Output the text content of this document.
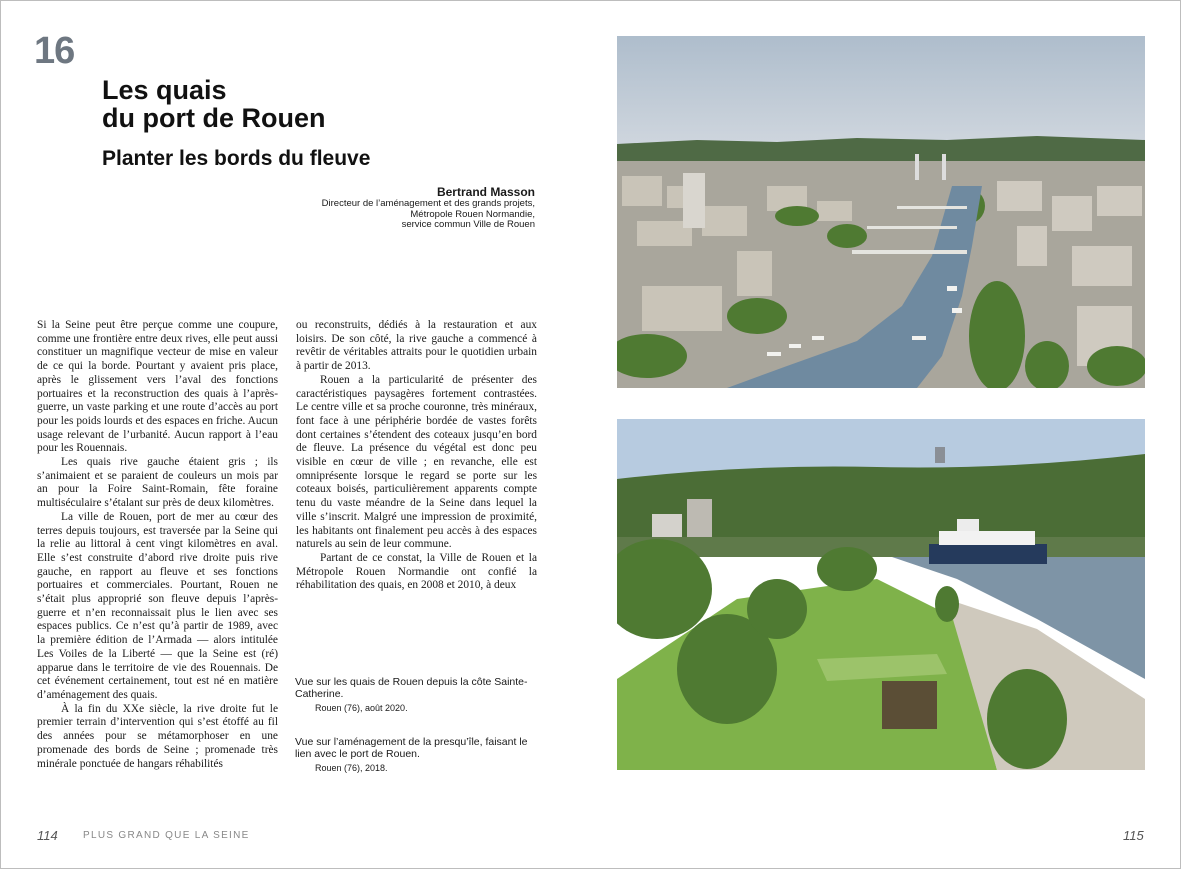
16
Les quais
du port de Rouen
Planter les bords du fleuve
Bertrand Masson
Directeur de l’aménagement et des grands projets,
Métropole Rouen Normandie,
service commun Ville de Rouen

Si la Seine peut être perçue comme une coupure, comme une frontière entre deux rives, elle peut aussi constituer un magnifique vecteur de mise en valeur de ce qui la borde. Pourtant y avaient pris place, après le glissement vers l’aval des fonctions portuaires et la reconstruction des quais à l’après-guerre, un vaste parking et une route d’accès au port pour les poids lourds et des espaces en friche. Aucun usage relevant de l’urbanité. Aucun rapport à l’eau pour les Rouennais.

Les quais rive gauche étaient gris ; ils s’animaient et se paraient de couleurs un mois par an pour la Foire Saint-Romain, fête foraine multiséculaire s’étalant sur près de deux kilomètres.

La ville de Rouen, port de mer au cœur des terres depuis toujours, est traversée par la Seine qui la relie au littoral à cent vingt kilomètres en aval. Elle s’est construite d’abord rive droite puis rive gauche, en rapport au fleuve et ses fonctions portuaires et commerciales. Pourtant, Rouen ne s’était plus approprié son fleuve depuis l’après-guerre et n’en reconnaissait plus le lien avec ses espaces publics. Ce n’est qu’à partir de 1989, avec la première édition de l’Armada — alors intitulée Les Voiles de la Liberté — que la Seine est (ré) apparue dans le territoire de vie des Rouennais. De cet événement certainement, tout est né en matière d’aménagement des quais.

À la fin du XXe siècle, la rive droite fut le premier terrain d’intervention qui s’est étoffé au fil des années pour se métamorphoser en une promenade des bords de Seine ; promenade très minérale ponctuée de hangars réhabilités

ou reconstruits, dédiés à la restauration et aux loisirs. De son côté, la rive gauche a commencé à revêtir de véritables attraits pour le quotidien urbain à partir de 2013.

Rouen a la particularité de présenter des caractéristiques paysagères fortement contrastées. Le centre ville et sa proche couronne, très minéraux, font face à une périphérie bordée de vastes forêts dont certaines s’étendent des coteaux jusqu’en bord de fleuve. La présence du végétal est donc peu visible en cœur de ville ; en revanche, elle est omniprésente lorsque le regard se porte sur les coteaux boisés, particulièrement apparents compte tenu du vaste méandre de la Seine dans lequel la ville s’inscrit. Malgré une impression de proximité, les habitants ont finalement peu accès à des espaces naturels au sein de leur commune.

Partant de ce constat, la Ville de Rouen et la Métropole Rouen Normandie ont confié la réhabilitation des quais, en 2008 et 2010, à deux

Vue sur les quais de Rouen depuis la côte Sainte-Catherine.
Rouen (76), août 2020.
Vue sur l’aménagement de la presqu’île, faisant le lien avec le port de Rouen.
Rouen (76), 2018.
114	PLUS GRAND QUE LA SEINE	115
